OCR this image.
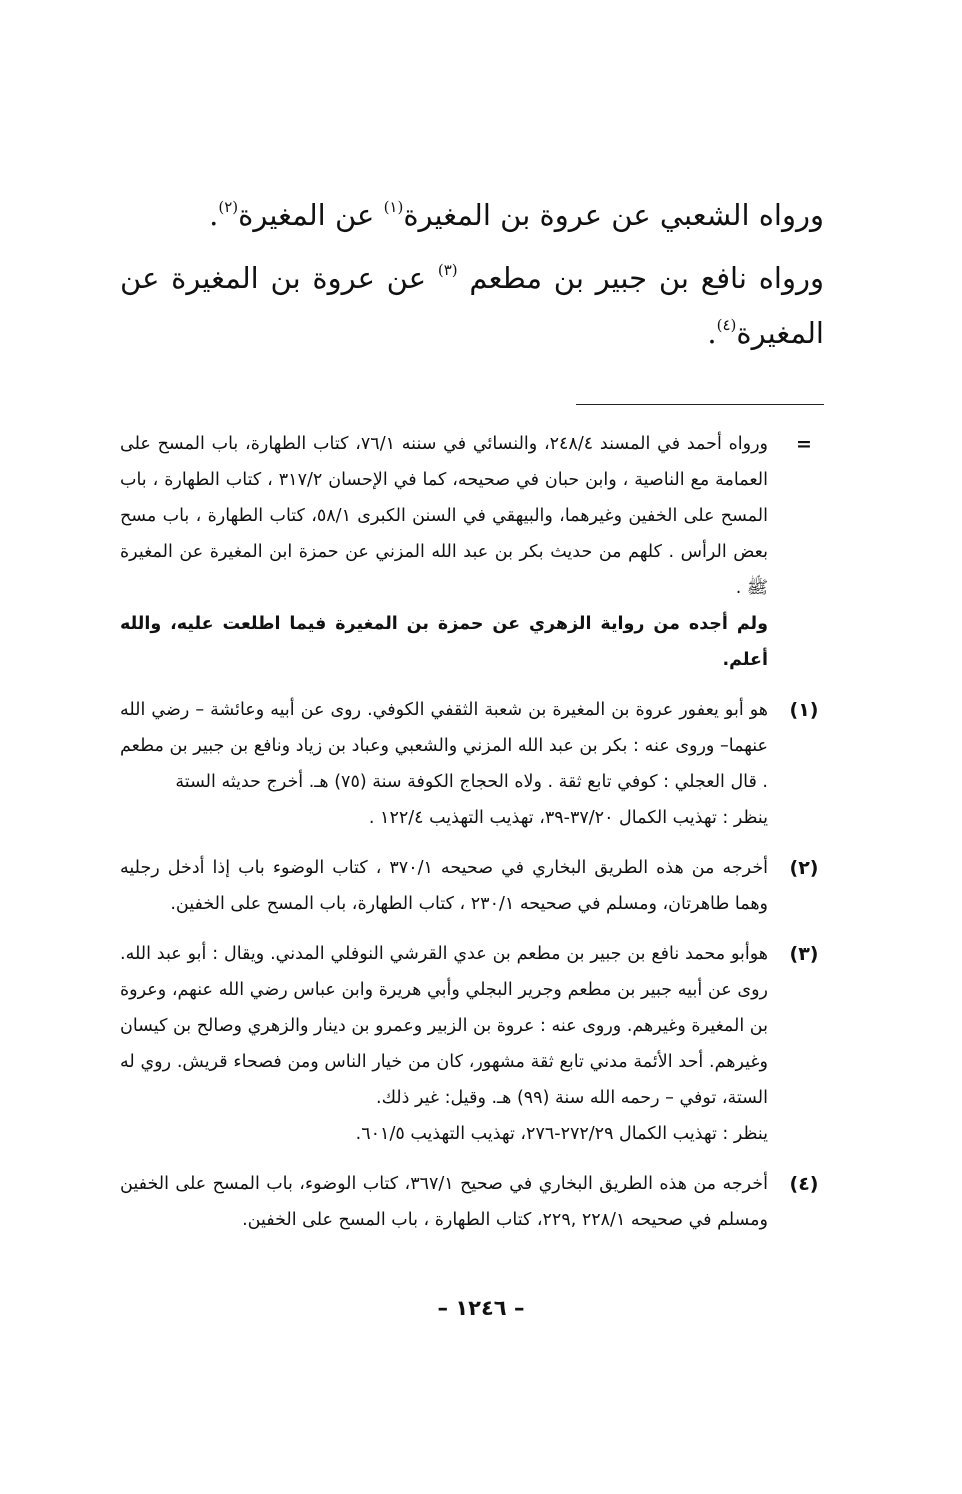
ورواه الشعبي عن عروة بن المغيرة$^{(١)}$ عن المغيرة$^{(٢)}$.

ورواه نافع بن جبير بن مطعم $^{(٣)}$ عن عروة بن المغيرة عن المغيرة$^{(٤)}$.

=

ورواه أحمد في المسند ٢٤٨/٤، والنسائي في سننه ٧٦/١، كتاب الطهارة، باب المسح على العمامة مع الناصية ، وابن حبان في صحيحه، كما في الإحسان ٣١٧/٢ ، كتاب الطهارة ، باب المسح على الخفين وغيرهما، والبيهقي في السنن الكبرى ٥٨/١، كتاب الطهارة ، باب مسح بعض الرأس . كلهم من حديث بكر بن عبد الله المزني عن حمزة ابن المغيرة عن المغيرة ﷺ .

ولم أجده من رواية الزهري عن حمزة بن المغيرة فيما اطلعت عليه، والله أعلم.

(١)

هو أبو يعفور عروة بن المغيرة بن شعبة الثقفي الكوفي. روى عن أبيه وعائشة – رضي الله عنهما– وروى عنه : بكر بن عبد الله المزني والشعبي وعباد بن زياد ونافع بن جبير بن مطعم . قال العجلي : كوفي تابع ثقة . ولاه الحجاج الكوفة سنة (٧٥) هـ. أخرج حديثه الستة

ينظر : تهذيب الكمال ٣٧/٢٠-٣٩، تهذيب التهذيب ١٢٢/٤ .

(٢)

أخرجه من هذه الطريق البخاري في صحيحه ٣٧٠/١ ، كتاب الوضوء باب إذا أدخل رجليه وهما طاهرتان، ومسلم في صحيحه ٢٣٠/١ ، كتاب الطهارة، باب المسح على الخفين.

(٣)

هوأبو محمد نافع بن جبير بن مطعم بن عدي القرشي النوفلي المدني. ويقال : أبو عبد الله. روى عن أبيه جبير بن مطعم وجرير البجلي وأبي هريرة وابن عباس رضي الله عنهم، وعروة بن المغيرة وغيرهم. وروى عنه : عروة بن الزبير وعمرو بن دينار والزهري وصالح بن كيسان وغيرهم. أحد الأئمة مدني تابع ثقة مشهور، كان من خيار الناس ومن فصحاء قريش. روي له الستة، توفي – رحمه الله سنة (٩٩) هـ. وقيل: غير ذلك.

ينظر : تهذيب الكمال ٢٧٢/٢٩-٢٧٦، تهذيب التهذيب ٦٠١/٥.

(٤)

أخرجه من هذه الطريق البخاري في صحيح ٣٦٧/١، كتاب الوضوء، باب المسح على الخفين ومسلم في صحيحه ٢٢٨/١ ,٢٢٩، كتاب الطهارة ، باب المسح على الخفين.

– ١٢٤٦ –
